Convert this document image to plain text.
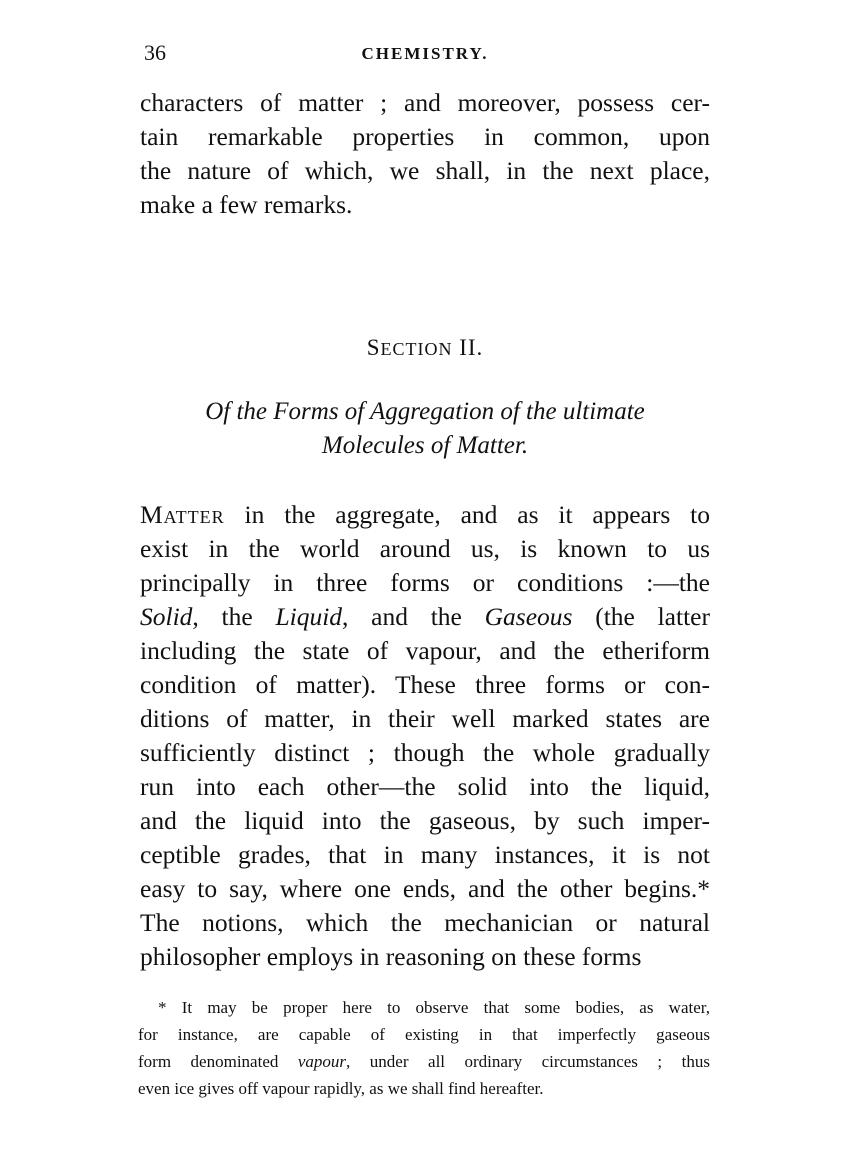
36	CHEMISTRY.

characters of matter ; and moreover, possess cer-
tain remarkable properties in common, upon
the nature of which, we shall, in the next place,
make a few remarks.

SECTION II.
Of the Forms of Aggregation of the ultimate
Molecules of Matter.

Matter in the aggregate, and as it appears to
exist in the world around us, is known to us
principally in three forms or conditions :—the
Solid, the Liquid, and the Gaseous (the latter
including the state of vapour, and the etheriform
condition of matter). These three forms or con-
ditions of matter, in their well marked states are
sufficiently distinct ; though the whole gradually
run into each other—the solid into the liquid,
and the liquid into the gaseous, by such imper-
ceptible grades, that in many instances, it is not
easy to say, where one ends, and the other begins.*
The notions, which the mechanician or natural
philosopher employs in reasoning on these forms

* It may be proper here to observe that some bodies, as water,
for instance, are capable of existing in that imperfectly gaseous
form denominated vapour, under all ordinary circumstances ; thus
even ice gives off vapour rapidly, as we shall find hereafter.
